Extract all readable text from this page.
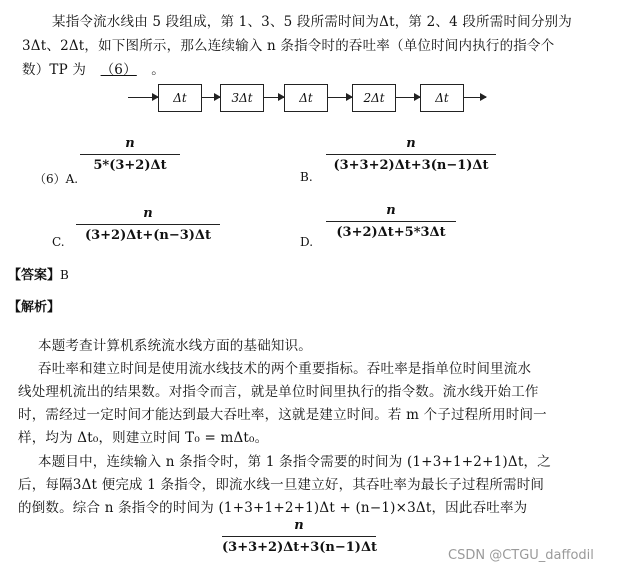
某指令流水线由 5 段组成，第 1、3、5 段所需时间为Δt，第 2、4 段所需时间分别为
3Δt、2Δt，如下图所示，那么连续输入 n 条指令时的吞吐率（单位时间内执行的指令个
数）TP 为 （6） 。
Δt	3Δt	Δt	2Δt	Δt
（6）A.
n
5*(3+2)Δt
B.
n
(3+3+2)Δt+3(n−1)Δt
C.
n
(3+2)Δt+(n−3)Δt	D.
n
(3+2)Δt+5*3Δt
【答案】B
【解析】
本题考查计算机系统流水线方面的基础知识。
吞吐率和建立时间是使用流水线技术的两个重要指标。吞吐率是指单位时间里流水
线处理机流出的结果数。对指令而言，就是单位时间里执行的指令数。流水线开始工作
时，需经过一定时间才能达到最大吞吐率，这就是建立时间。若 m 个子过程所用时间一
样，均为 Δt₀，则建立时间 T₀ = mΔt₀。
本题目中，连续输入 n 条指令时，第 1 条指令需要的时间为 (1+3+1+2+1)Δt，之
后，每隔3Δt 便完成 1 条指令，即流水线一旦建立好，其吞吐率为最长子过程所需时间
的倒数。综合 n 条指令的时间为 (1+3+1+2+1)Δt + (n−1)×3Δt，因此吞吐率为
n
(3+3+2)Δt+3(n−1)Δt
CSDN @CTGU_daffodil
